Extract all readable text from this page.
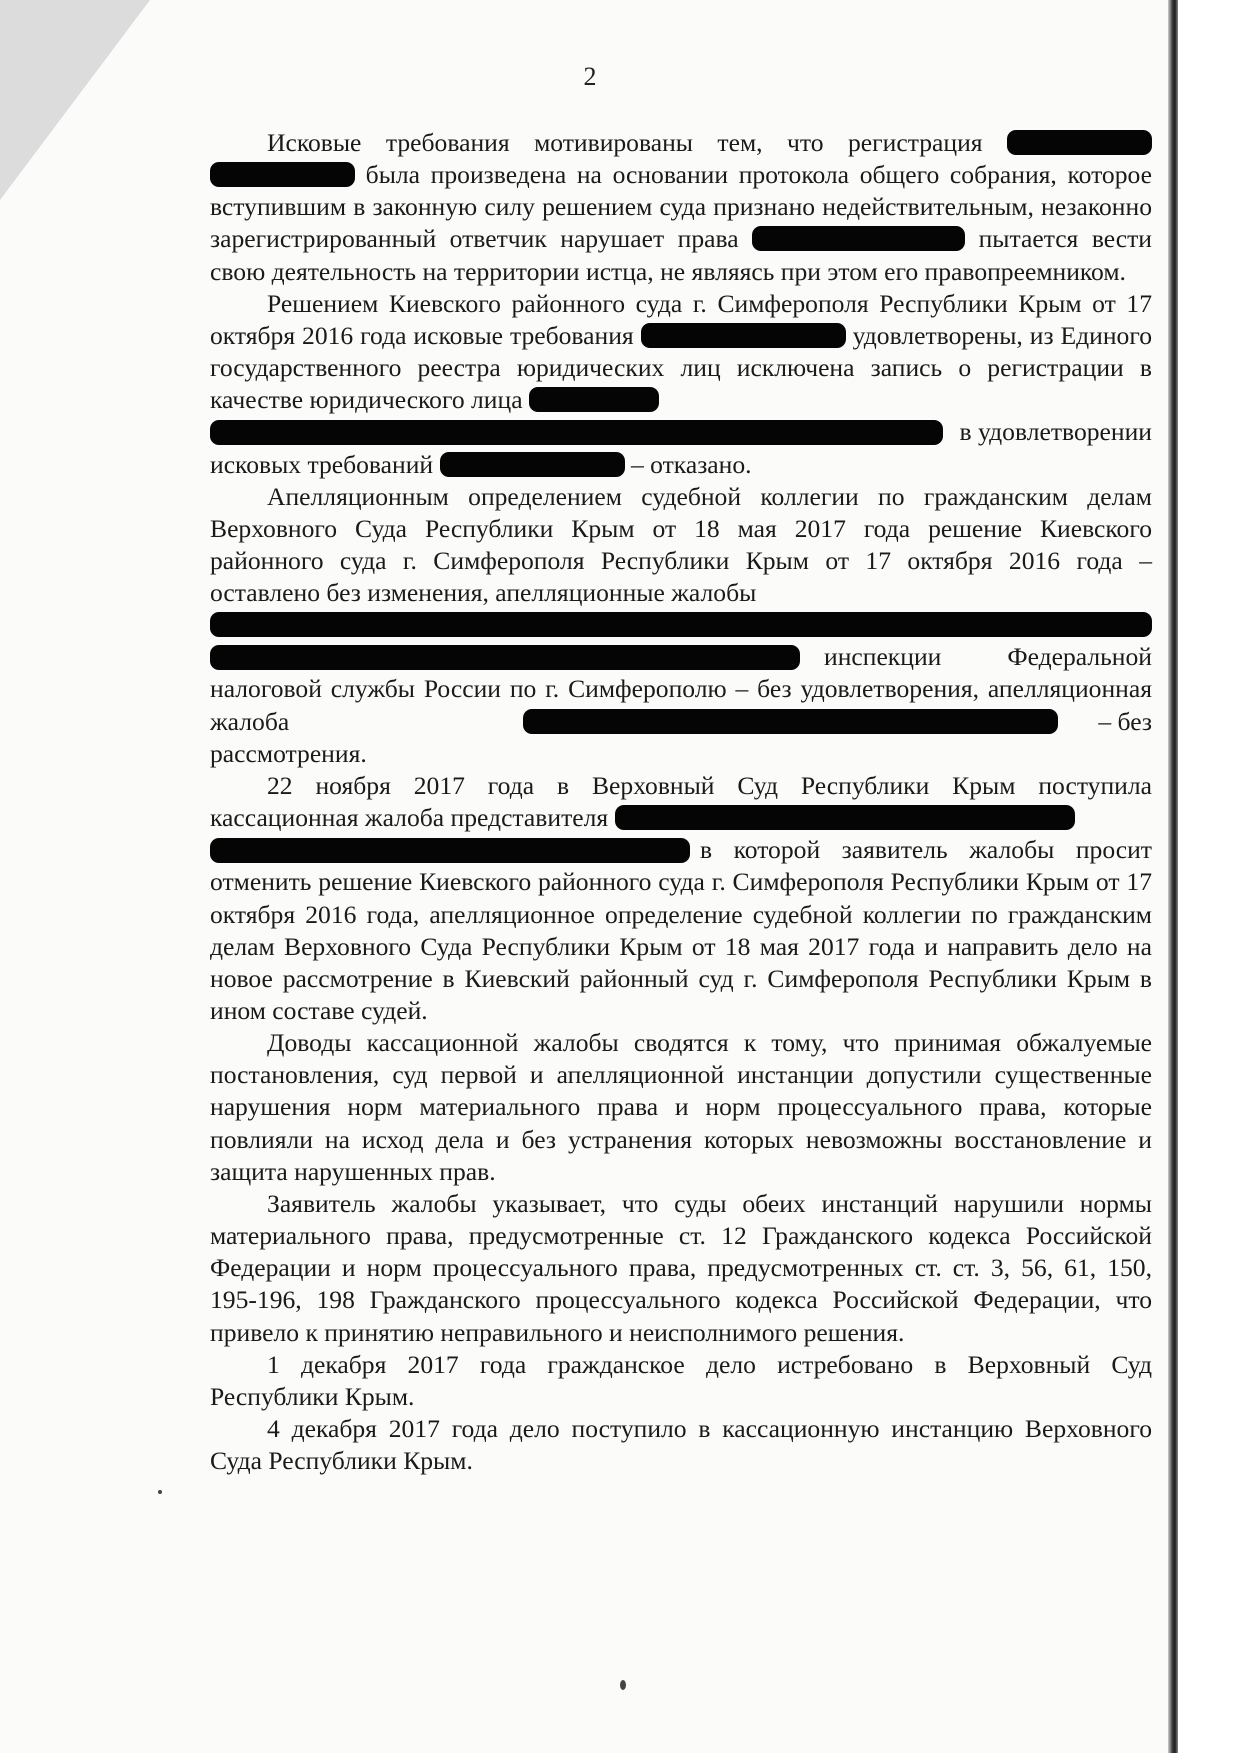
2

Исковые требования мотивированы тем, что регистрация   была произведена на основании протокола общего собрания, которое вступившим в законную силу решением суда признано недействительным, незаконно зарегистрированный ответчик нарушает права	пытается вести свою деятельность на территории истца, не являясь при этом его правопреемником.

Решением Киевского районного суда г. Симферополя Республики Крым от 17 октября 2016 года исковые требования	удовлетворены, из Единого государственного реестра юридических лиц исключена запись о регистрации в качестве юридического лица

в удовлетворении

исковых требований	– отказано.

Апелляционным определением судебной коллегии по гражданским делам Верховного Суда Республики Крым от 18 мая 2017 года решение Киевского районного суда г. Симферополя Республики Крым от 17 октября 2016 года – оставлено без изменения, апелляционные жалобы

инспекции Федеральной

налоговой службы России по г. Симферополю – без удовлетворения, апелляционная жалоба	– без

рассмотрения.

22 ноября 2017 года в Верховный Суд Республики Крым поступила кассационная жалоба представителя

в которой заявитель жалобы просит

отменить решение Киевского районного суда г. Симферополя Республики Крым от 17 октября 2016 года, апелляционное определение судебной коллегии по гражданским делам Верховного Суда Республики Крым от 18 мая 2017 года и направить дело на новое рассмотрение в Киевский районный суд г. Симферополя Республики Крым в ином составе судей.

Доводы кассационной жалобы сводятся к тому, что принимая обжалуемые постановления, суд первой и апелляционной инстанции допустили существенные нарушения норм материального права и норм процессуального права, которые повлияли на исход дела и без устранения которых невозможны восстановление и защита нарушенных прав.

Заявитель жалобы указывает, что суды обеих инстанций нарушили нормы материального права, предусмотренные ст. 12 Гражданского кодекса Российской Федерации и норм процессуального права, предусмотренных ст. ст. 3, 56, 61, 150, 195-196, 198 Гражданского процессуального кодекса Российской Федерации, что привело к принятию неправильного и неисполнимого решения.

1 декабря 2017 года гражданское дело истребовано в Верховный Суд Республики Крым.

4 декабря 2017 года дело поступило в кассационную инстанцию Верховного Суда Республики Крым.
